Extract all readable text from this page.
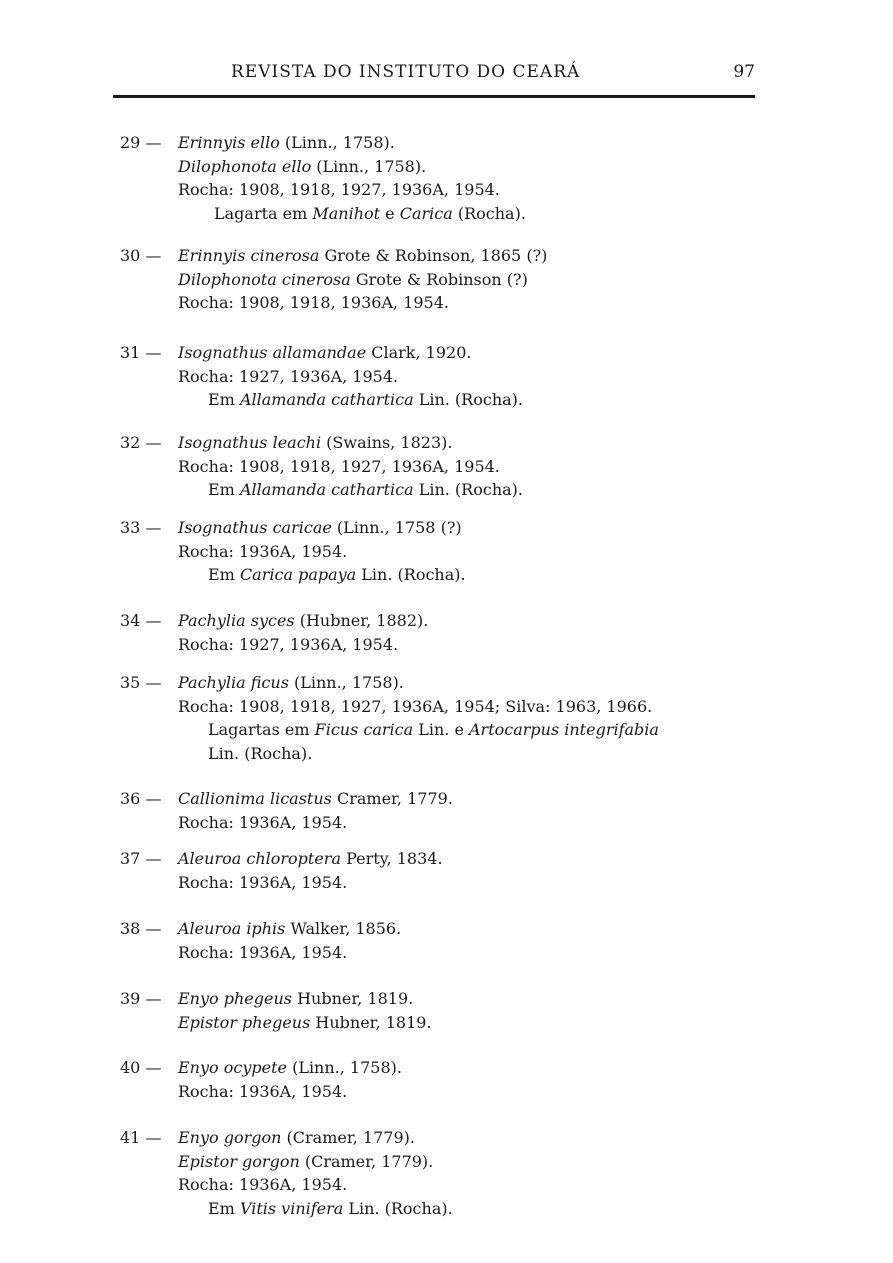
REVISTA DO INSTITUTO DO CEARÁ	97
29 — Erinnyis ello (Linn., 1758).
Dilophonota ello (Linn., 1758).
Rocha: 1908, 1918, 1927, 1936A, 1954.
Lagarta em Manihot e Carica (Rocha).
30 — Erinnyis cinerosa Grote & Robinson, 1865 (?)
Dilophonota cinerosa Grote & Robinson (?)
Rocha: 1908, 1918, 1936A, 1954.
31 — Isognathus allamandae Clark, 1920.
Rocha: 1927, 1936A, 1954.
Em Allamanda cathartica Lin. (Rocha).
32 — Isognathus leachi (Swains, 1823).
Rocha: 1908, 1918, 1927, 1936A, 1954.
Em Allamanda cathartica Lin. (Rocha).
33 — Isognathus caricae (Linn., 1758 (?)
Rocha: 1936A, 1954.
Em Carica papaya Lin. (Rocha).
34 — Pachylia syces (Hubner, 1882).
Rocha: 1927, 1936A, 1954.
35 — Pachylia ficus (Linn., 1758).
Rocha: 1908, 1918, 1927, 1936A, 1954; Silva: 1963, 1966.
Lagartas em Ficus carica Lin. e Artocarpus integrifabia
Lin. (Rocha).
36 — Callionima licastus Cramer, 1779.
Rocha: 1936A, 1954.
37 — Aleuroa chloroptera Perty, 1834.
Rocha: 1936A, 1954.
38 — Aleuroa iphis Walker, 1856.
Rocha: 1936A, 1954.
39 — Enyo phegeus Hubner, 1819.
Epistor phegeus Hubner, 1819.
40 — Enyo ocypete (Linn., 1758).
Rocha: 1936A, 1954.
41 — Enyo gorgon (Cramer, 1779).
Epistor gorgon (Cramer, 1779).
Rocha: 1936A, 1954.
Em Vitis vinifera Lin. (Rocha).
